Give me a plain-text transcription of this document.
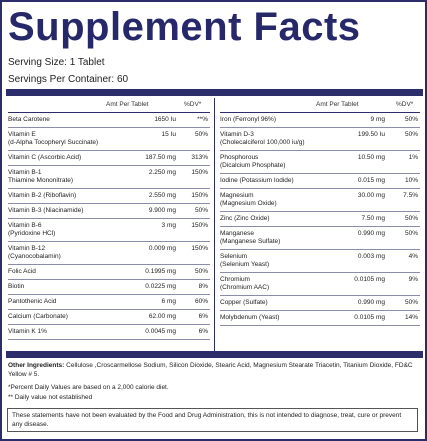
Supplement Facts
Serving Size: 1 Tablet
Servings Per Container: 60
Amt Per Tablet	%DV*
Beta Carotene	1650 Iu	**%
Vitamin E
(d-Alpha Tocopheryl Succinate)
15 Iu	50%
Vitamin C (Ascorbic Acid)	187.50 mg	313%
Vitamin B-1
Thiamine Mononitrate)
2.250 mg	150%
Vitamin B-2 (Riboflavin)	2.550 mg	150%
Vitamin B-3 (Niacinamide)	9.900 mg	50%
Vitamin B-6
(Pyridoxine HCl)
3 mg	150%
Vitamin B-12
(Cyanocobalamin)
0.009 mg	150%
Folic Acid	0.1995 mg	50%
Biotin	0.0225 mg	8%
Pantothenic Acid	6 mg	60%
Calcium (Carbonate)	62.00 mg	6%
Vitamin K 1%	0.0045 mg	6%
Amt Per Tablet	%DV*
Iron (Ferronyl 96%)	9 mg	50%
Vitamin D-3
(Cholecalciferol 100,000 iu/g)
199.50 Iu	50%
Phosphorous
(Dicalcium Phosphate)
10.50 mg	1%
Iodine (Potassium Iodide)	0.015 mg	10%
Magnesium
(Magnesium Oxide)
30.00 mg	7.5%
Zinc (Zinc Oxide)	7.50 mg	50%
Manganese
(Manganese Sulfate)
0.990 mg	50%
Selenium
(Selenium Yeast)
0.003 mg	4%
Chromium
(Chromium AAC)
0.0105 mg	9%
Copper (Sulfate)	0.990 mg	50%
Molybdenum (Yeast)	0.0105 mg	14%
Other Ingredients: Cellulose ,Croscarmellose Sodium, Silicon Dioxide, Stearic Acid, Magnesium Stearate Triacetin, Titanium Dioxide, FD&C Yellow # 5.
*Percent Daily Values are based on a 2,000 calorie diet.
** Daily value not established
These statements have not been evaluated by the Food and Drug Administration, this is not intended to diagnose, treat, cure or prevent any disease.
